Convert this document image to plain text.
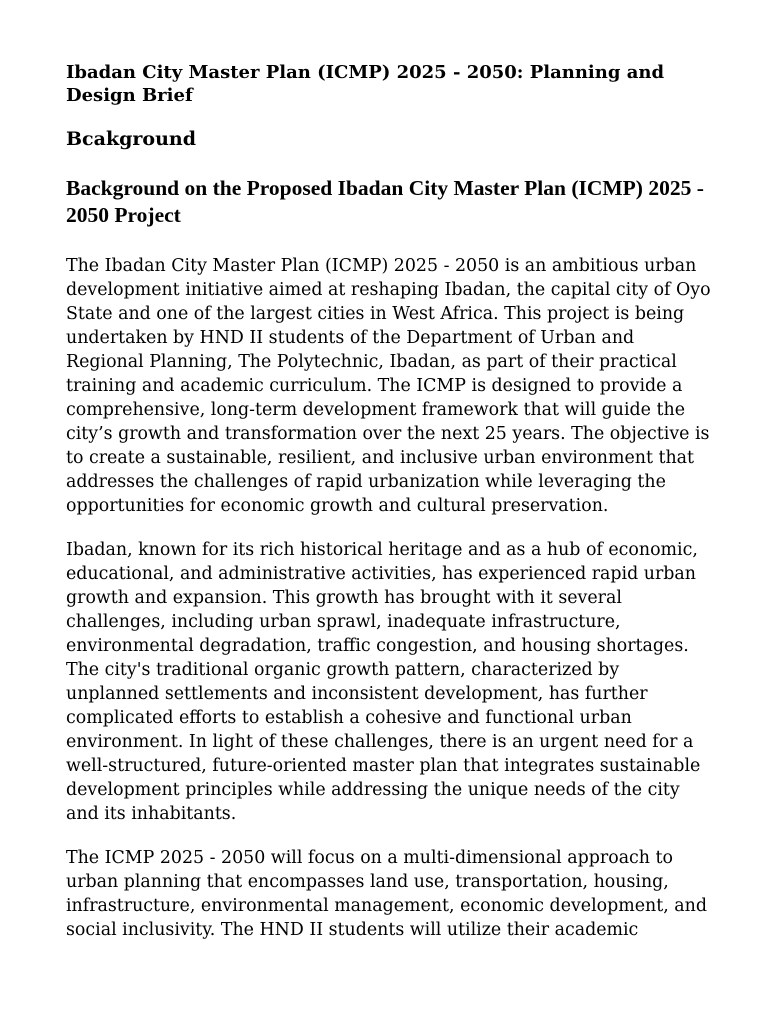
Ibadan City Master Plan (ICMP) 2025 - 2050: Planning and Design Brief
Bcakground
Background on the Proposed Ibadan City Master Plan (ICMP) 2025 - 2050 Project

The Ibadan City Master Plan (ICMP) 2025 - 2050 is an ambitious urban development initiative aimed at reshaping Ibadan, the capital city of Oyo State and one of the largest cities in West Africa. This project is being undertaken by HND II students of the Department of Urban and Regional Planning, The Polytechnic, Ibadan, as part of their practical training and academic curriculum. The ICMP is designed to provide a comprehensive, long-term development framework that will guide the city’s growth and transformation over the next 25 years. The objective is to create a sustainable, resilient, and inclusive urban environment that addresses the challenges of rapid urbanization while leveraging the opportunities for economic growth and cultural preservation.

Ibadan, known for its rich historical heritage and as a hub of economic, educational, and administrative activities, has experienced rapid urban growth and expansion. This growth has brought with it several challenges, including urban sprawl, inadequate infrastructure, environmental degradation, traffic congestion, and housing shortages. The city's traditional organic growth pattern, characterized by unplanned settlements and inconsistent development, has further complicated efforts to establish a cohesive and functional urban environment. In light of these challenges, there is an urgent need for a well-structured, future-oriented master plan that integrates sustainable development principles while addressing the unique needs of the city and its inhabitants.

The ICMP 2025 - 2050 will focus on a multi-dimensional approach to urban planning that encompasses land use, transportation, housing, infrastructure, environmental management, economic development, and social inclusivity. The HND II students will utilize their academic
